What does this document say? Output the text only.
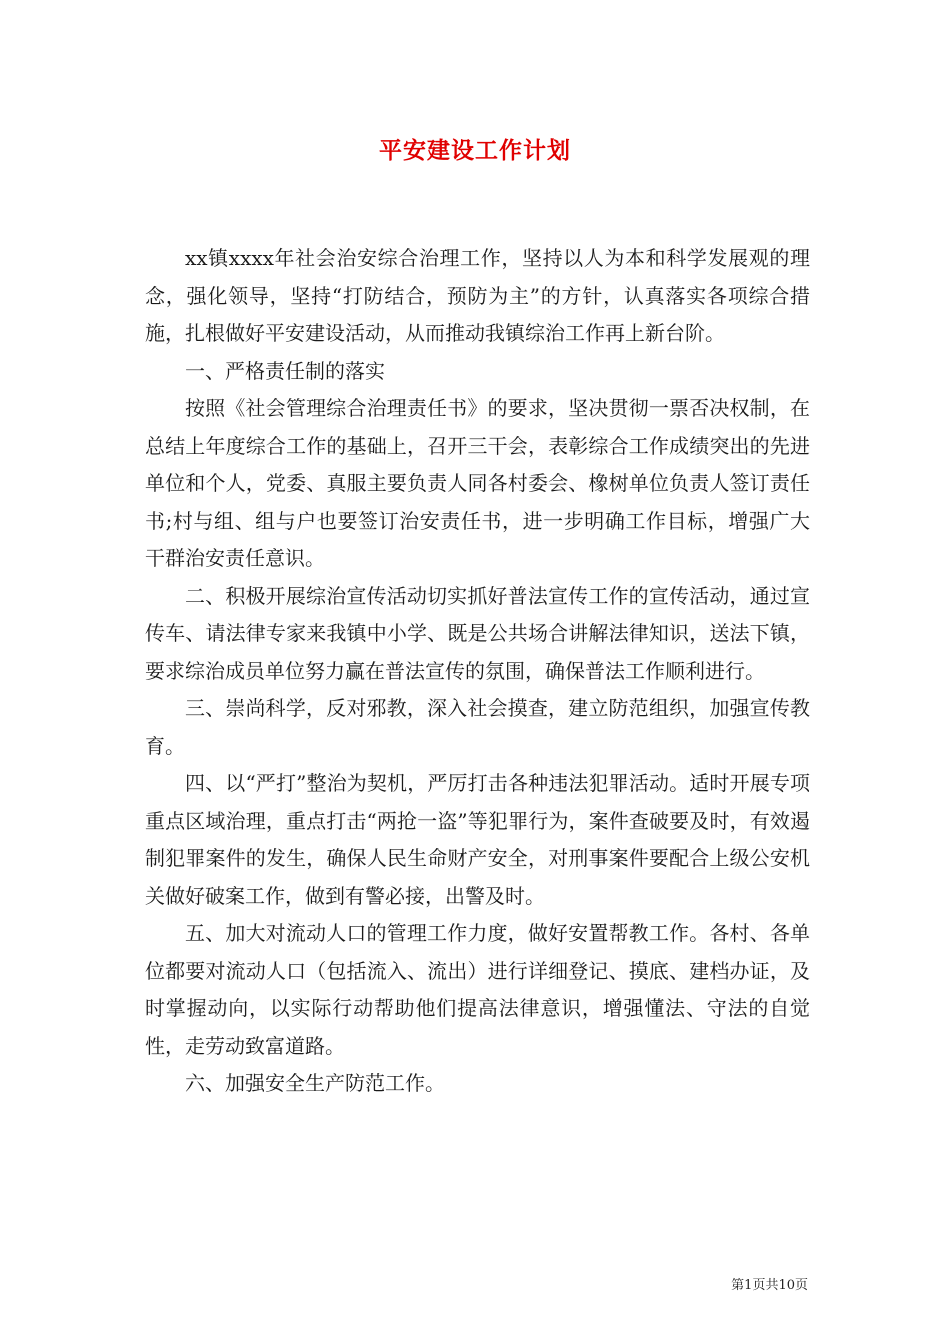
平安建设工作计划

xx镇xxxx年社会治安综合治理工作，坚持以人为本和科学发展观的理念，强化领导，坚持“打防结合，预防为主”的方针，认真落实各项综合措施，扎根做好平安建设活动，从而推动我镇综治工作再上新台阶。

一、严格责任制的落实

按照《社会管理综合治理责任书》的要求，坚决贯彻一票否决权制，在总结上年度综合工作的基础上，召开三干会，表彰综合工作成绩突出的先进单位和个人，党委、真服主要负责人同各村委会、橡树单位负责人签订责任书;村与组、组与户也要签订治安责任书，进一步明确工作目标，增强广大干群治安责任意识。

二、积极开展综治宣传活动切实抓好普法宣传工作的宣传活动，通过宣传车、请法律专家来我镇中小学、既是公共场合讲解法律知识，送法下镇，要求综治成员单位努力赢在普法宣传的氛围，确保普法工作顺利进行。

三、崇尚科学，反对邪教，深入社会摸查，建立防范组织，加强宣传教育。

四、以“严打”整治为契机，严厉打击各种违法犯罪活动。适时开展专项重点区域治理，重点打击“两抢一盗”等犯罪行为，案件查破要及时，有效遏制犯罪案件的发生，确保人民生命财产安全，对刑事案件要配合上级公安机关做好破案工作，做到有警必接，出警及时。

五、加大对流动人口的管理工作力度，做好安置帮教工作。各村、各单位都要对流动人口（包括流入、流出）进行详细登记、摸底、建档办证，及时掌握动向，以实际行动帮助他们提高法律意识，增强懂法、守法的自觉性，走劳动致富道路。

六、加强安全生产防范工作。

第1页共10页
